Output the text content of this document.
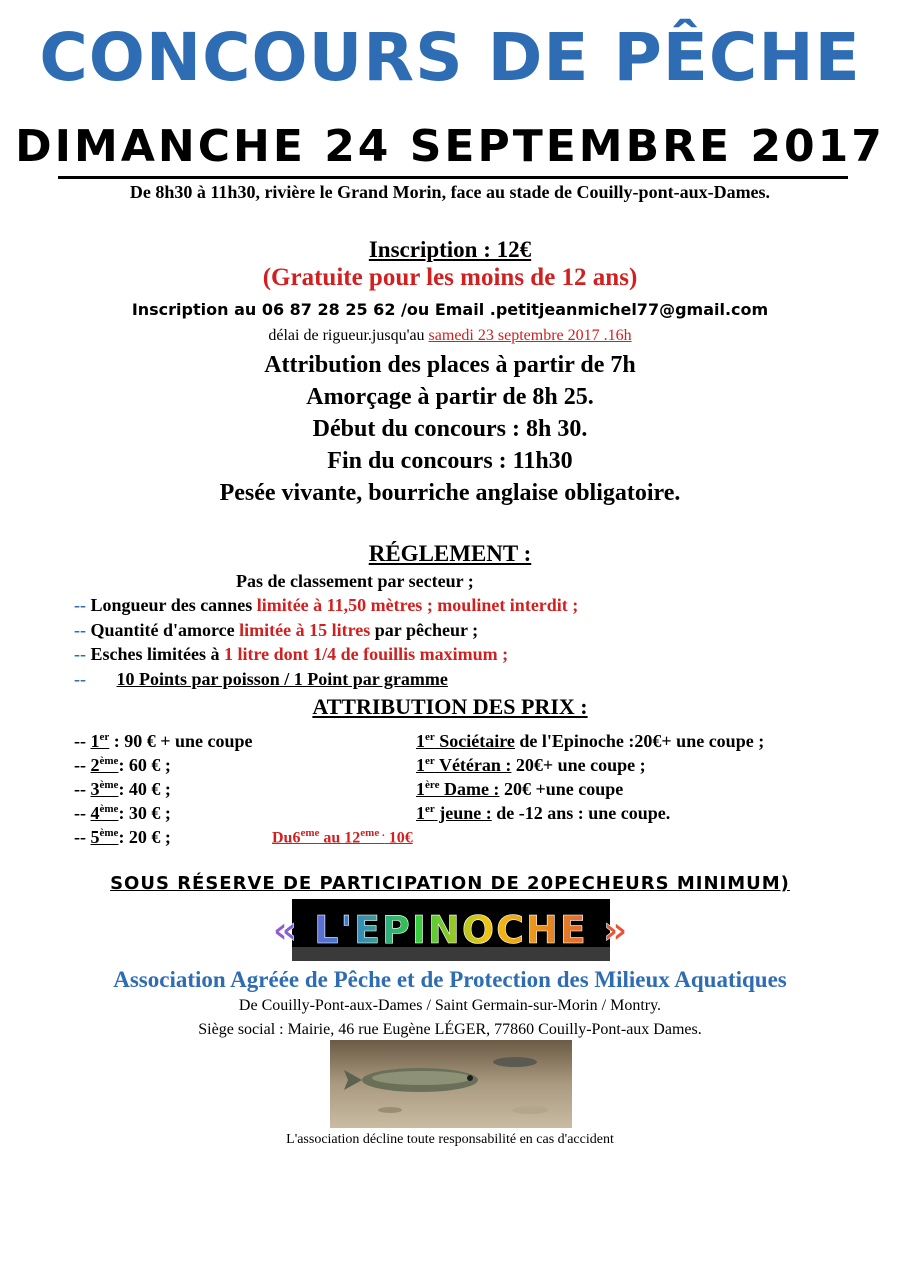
CONCOURS DE PÊCHE
DIMANCHE 24 SEPTEMBRE 2017
De 8h30 à 11h30, rivière le Grand Morin, face au stade de Couilly-pont-aux-Dames.
Inscription : 12€
(Gratuite pour les moins de 12 ans)
Inscription au 06 87 28 25 62 /ou Email .petitjeanmichel77@gmail.com
délai de rigueur.jusqu'au samedi 23 septembre 2017 .16h
Attribution des places à partir de 7h
Amorçage à partir de 8h 25.
Début du concours : 8h 30.
Fin du concours : 11h30
Pesée vivante, bourriche anglaise obligatoire.
RÉGLEMENT :
Pas de classement par secteur ;
-- Longueur des cannes limitée à 11,50 mètres ; moulinet interdit ;
-- Quantité d'amorce limitée à 15 litres par pêcheur ;
-- Esches limitées à 1 litre dont 1/4 de fouillis maximum ;
-- 10 Points par poisson / 1 Point par gramme
ATTRIBUTION DES PRIX :
-- 1er : 90 € + une coupe
-- 2ème: 60 € ;
-- 3ème: 40 € ;
-- 4ème: 30 € ;
-- 5ème: 20 € ;
1er Sociétaire de l'Epinoche :20€+ une coupe ;
1er Vétéran : 20€+ une coupe ;
1ère Dame : 20€ +une coupe
1er jeune : de -12 ans : une coupe.
Du6eme au $12^{eme .}$ 10€
SOUS RÉSERVE DE PARTICIPATION DE 20PECHEURS MINIMUM)
« L'EPINOCHE »
Association Agréée de Pêche et de Protection des Milieux Aquatiques
De Couilly-Pont-aux-Dames / Saint Germain-sur-Morin / Montry.
Siège social : Mairie, 46 rue Eugène LÉGER, 77860 Couilly-Pont-aux Dames.
L'association décline toute responsabilité en cas d'accident
